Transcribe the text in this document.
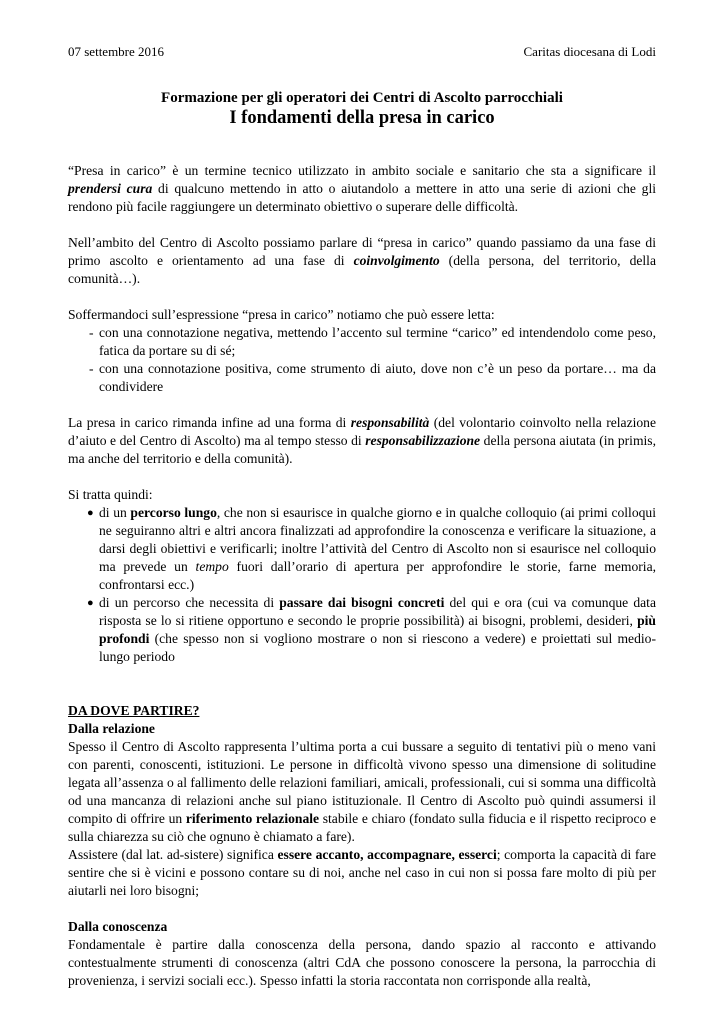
07 settembre 2016	Caritas diocesana di Lodi
Formazione per gli operatori dei Centri di Ascolto parrocchiali
I fondamenti della presa in carico

“Presa in carico” è un termine tecnico utilizzato in ambito sociale e sanitario che sta a significare il prendersi cura di qualcuno mettendo in atto o aiutandolo a mettere in atto una serie di azioni che gli rendono più facile raggiungere un determinato obiettivo o superare delle difficoltà.

Nell’ambito del Centro di Ascolto possiamo parlare di “presa in carico” quando passiamo da una fase di primo ascolto e orientamento ad una fase di coinvolgimento (della persona, del territorio, della comunità…).

Soffermandoci sull’espressione “presa in carico” notiamo che può essere letta:

- con una connotazione negativa, mettendo l’accento sul termine “carico” ed intendendolo come peso, fatica da portare su di sé;
- con una connotazione positiva, come strumento di aiuto, dove non c’è un peso da portare… ma da condividere

La presa in carico rimanda infine ad una forma di responsabilità (del volontario coinvolto nella relazione d’aiuto e del Centro di Ascolto) ma al tempo stesso di responsabilizzazione della persona aiutata (in primis, ma anche del territorio e della comunità).

Si tratta quindi:

● di un percorso lungo, che non si esaurisce in qualche giorno e in qualche colloquio (ai primi colloqui ne seguiranno altri e altri ancora finalizzati ad approfondire la conoscenza e verificare la situazione, a darsi degli obiettivi e verificarli; inoltre l’attività del Centro di Ascolto non si esaurisce nel colloquio ma prevede un tempo fuori dall’orario di apertura per approfondire le storie, farne memoria, confrontarsi ecc.)
● di un percorso che necessita di passare dai bisogni concreti del qui e ora (cui va comunque data risposta se lo si ritiene opportuno e secondo le proprie possibilità) ai bisogni, problemi, desideri, più profondi (che spesso non si vogliono mostrare o non si riescono a vedere) e proiettati sul medio-lungo periodo
DA DOVE PARTIRE?
Dalla relazione

Spesso il Centro di Ascolto rappresenta l’ultima porta a cui bussare a seguito di tentativi più o meno vani con parenti, conoscenti, istituzioni. Le persone in difficoltà vivono spesso una dimensione di solitudine legata all’assenza o al fallimento delle relazioni familiari, amicali, professionali, cui si somma una difficoltà od una mancanza di relazioni anche sul piano istituzionale. Il Centro di Ascolto può quindi assumersi il compito di offrire un riferimento relazionale stabile e chiaro (fondato sulla fiducia e il rispetto reciproco e sulla chiarezza su ciò che ognuno è chiamato a fare).

Assistere (dal lat. ad-sistere) significa essere accanto, accompagnare, esserci; comporta la capacità di fare sentire che si è vicini e possono contare su di noi, anche nel caso in cui non si possa fare molto di più per aiutarli nei loro bisogni;

Dalla conoscenza

Fondamentale è partire dalla conoscenza della persona, dando spazio al racconto e attivando contestualmente strumenti di conoscenza (altri CdA che possono conoscere la persona, la parrocchia di provenienza, i servizi sociali ecc.). Spesso infatti la storia raccontata non corrisponde alla realtà,
